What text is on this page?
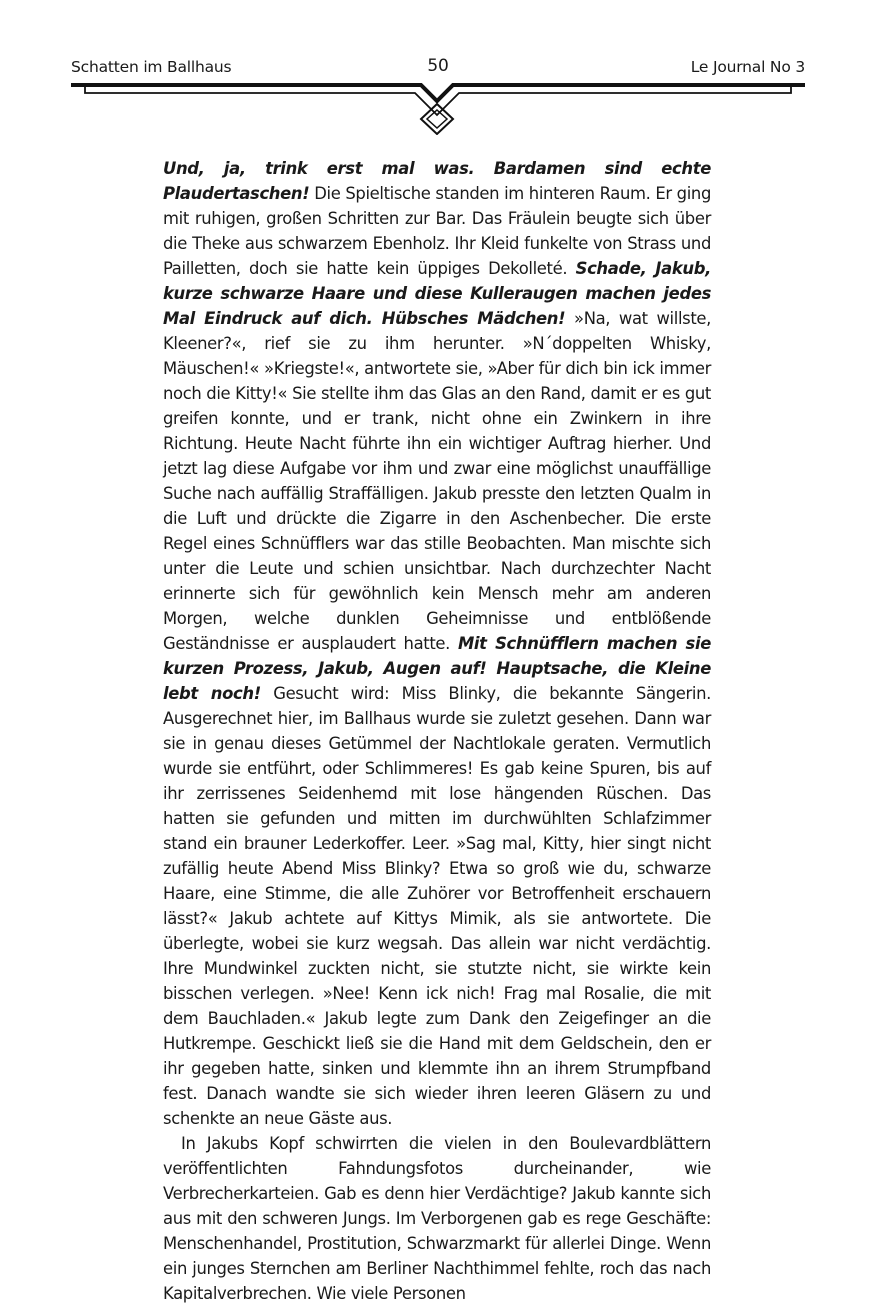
Schatten im Ballhaus	50	Le Journal No 3

Und, ja, trink erst mal was. Bardamen sind echte Plaudertaschen! Die Spieltische standen im hinteren Raum. Er ging mit ruhigen, großen Schritten zur Bar. Das Fräulein beugte sich über die Theke aus schwarzem Ebenholz. Ihr Kleid funkelte von Strass und Pailletten, doch sie hatte kein üppiges Dekolleté. Schade, Jakub, kurze schwarze Haare und diese Kulleraugen machen jedes Mal Eindruck auf dich. Hübsches Mädchen! »Na, wat willste, Kleener?«, rief sie zu ihm herunter. »N´doppelten Whisky, Mäuschen!« »Kriegste!«, antwortete sie, »Aber für dich bin ick immer noch die Kitty!« Sie stellte ihm das Glas an den Rand, damit er es gut greifen konnte, und er trank, nicht ohne ein Zwinkern in ihre Richtung. Heute Nacht führte ihn ein wichtiger Auftrag hierher. Und jetzt lag diese Aufgabe vor ihm und zwar eine möglichst unauffällige Suche nach auffällig Straffälligen. Jakub presste den letzten Qualm in die Luft und drückte die Zigarre in den Aschenbecher. Die erste Regel eines Schnüfflers war das stille Beobachten. Man mischte sich unter die Leute und schien unsichtbar. Nach durchzechter Nacht erinnerte sich für gewöhnlich kein Mensch mehr am anderen Morgen, welche dunklen Geheimnisse und entblößende Geständnisse er ausplaudert hatte. Mit Schnüfflern machen sie kurzen Prozess, Jakub, Augen auf! Hauptsache, die Kleine lebt noch! Gesucht wird: Miss Blinky, die bekannte Sängerin. Ausgerechnet hier, im Ballhaus wurde sie zuletzt gesehen. Dann war sie in genau dieses Getümmel der Nachtlokale geraten. Vermutlich wurde sie entführt, oder Schlimmeres! Es gab keine Spuren, bis auf ihr zerrissenes Seidenhemd mit lose hängenden Rüschen. Das hatten sie gefunden und mitten im durchwühlten Schlafzimmer stand ein brauner Lederkoffer. Leer. »Sag mal, Kitty, hier singt nicht zufällig heute Abend Miss Blinky? Etwa so groß wie du, schwarze Haare, eine Stimme, die alle Zuhörer vor Betroffenheit erschauern lässt?« Jakub achtete auf Kittys Mimik, als sie antwortete. Die überlegte, wobei sie kurz wegsah. Das allein war nicht verdächtig. Ihre Mundwinkel zuckten nicht, sie stutzte nicht, sie wirkte kein bisschen verlegen. »Nee! Kenn ick nich! Frag mal Rosalie, die mit dem Bauchladen.« Jakub legte zum Dank den Zeigefinger an die Hutkrempe. Geschickt ließ sie die Hand mit dem Geldschein, den er ihr gegeben hatte, sinken und klemmte ihn an ihrem Strumpfband fest. Danach wandte sie sich wieder ihren leeren Gläsern zu und schenkte an neue Gäste aus.

In Jakubs Kopf schwirrten die vielen in den Boulevardblättern veröffentlichten Fahndungsfotos durcheinander, wie Verbrecherkarteien. Gab es denn hier Verdächtige? Jakub kannte sich aus mit den schweren Jungs. Im Verborgenen gab es rege Geschäfte: Menschenhandel, Prostitution, Schwarzmarkt für allerlei Dinge. Wenn ein junges Sternchen am Berliner Nachthimmel fehlte, roch das nach Kapitalverbrechen. Wie viele Personen
